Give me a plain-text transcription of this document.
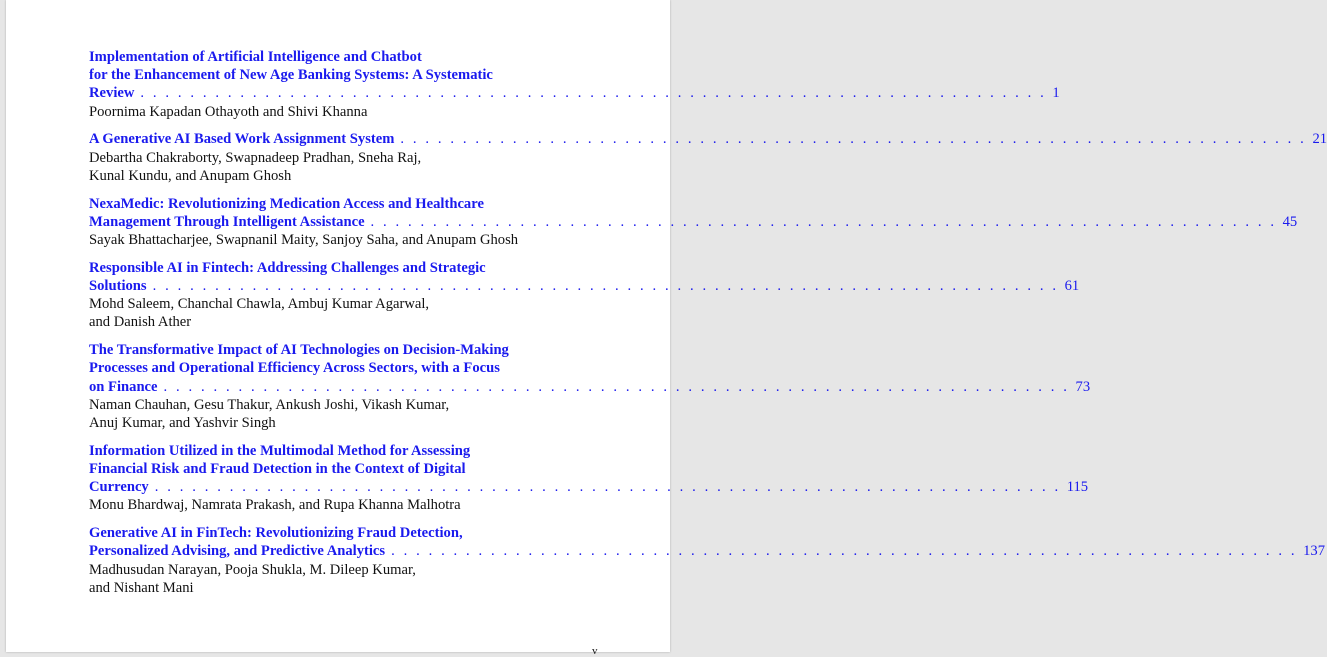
Implementation of Artificial Intelligence and Chatbot
for the Enhancement of New Age Banking Systems: A Systematic
Review . . . . . . . . . . . . . . . . . . . . . . . . . . . . . . . . . . . . . . . . . . . . . . . . . . . . . . . . . . . . . . . . . . . . . . . . . 1
Poornima Kapadan Othayoth and Shivi Khanna
A Generative AI Based Work Assignment System . . . . . . . . . . . . . . . . . . . . . . . . . . . . . . . . . . . . . . . . . . . . . . . . . . . . . . . . . . . . . . . . . . . . . . . . . 21
Debartha Chakraborty, Swapnadeep Pradhan, Sneha Raj,
Kunal Kundu, and Anupam Ghosh
NexaMedic: Revolutionizing Medication Access and Healthcare
Management Through Intelligent Assistance . . . . . . . . . . . . . . . . . . . . . . . . . . . . . . . . . . . . . . . . . . . . . . . . . . . . . . . . . . . . . . . . . . . . . . . . . 45
Sayak Bhattacharjee, Swapnanil Maity, Sanjoy Saha, and Anupam Ghosh
Responsible AI in Fintech: Addressing Challenges and Strategic
Solutions . . . . . . . . . . . . . . . . . . . . . . . . . . . . . . . . . . . . . . . . . . . . . . . . . . . . . . . . . . . . . . . . . . . . . . . . . 61
Mohd Saleem, Chanchal Chawla, Ambuj Kumar Agarwal,
and Danish Ather
The Transformative Impact of AI Technologies on Decision-Making
Processes and Operational Efficiency Across Sectors, with a Focus
on Finance . . . . . . . . . . . . . . . . . . . . . . . . . . . . . . . . . . . . . . . . . . . . . . . . . . . . . . . . . . . . . . . . . . . . . . . . . 73
Naman Chauhan, Gesu Thakur, Ankush Joshi, Vikash Kumar,
Anuj Kumar, and Yashvir Singh
Information Utilized in the Multimodal Method for Assessing
Financial Risk and Fraud Detection in the Context of Digital
Currency . . . . . . . . . . . . . . . . . . . . . . . . . . . . . . . . . . . . . . . . . . . . . . . . . . . . . . . . . . . . . . . . . . . . . . . . . 115
Monu Bhardwaj, Namrata Prakash, and Rupa Khanna Malhotra
Generative AI in FinTech: Revolutionizing Fraud Detection,
Personalized Advising, and Predictive Analytics . . . . . . . . . . . . . . . . . . . . . . . . . . . . . . . . . . . . . . . . . . . . . . . . . . . . . . . . . . . . . . . . . . . . . . . . . 137
Madhusudan Narayan, Pooja Shukla, M. Dileep Kumar,
and Nishant Mani
v
